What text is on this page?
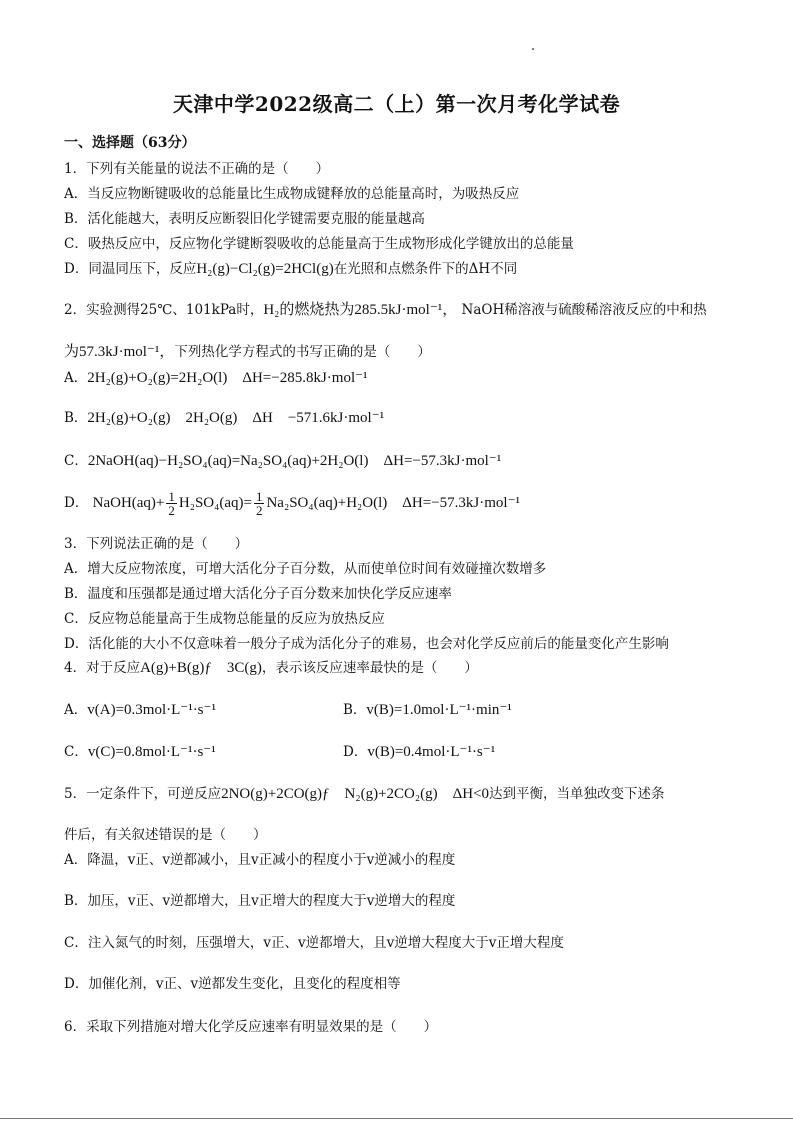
天津中学2022级高二（上）第一次月考化学试卷
一、选择题（63分）
1．下列有关能量的说法不正确的是（　　）
A．当反应物断键吸收的总能量比生成物成键释放的总能量高时，为吸热反应
B．活化能越大，表明反应断裂旧化学键需要克服的能量越高
C．吸热反应中，反应物化学键断裂吸收的总能量高于生成物形成化学键放出的总能量
D．同温同压下，反应H₂(g)−Cl₂(g)=2HCl(g)在光照和点燃条件下的ΔH不同
2．实验测得25℃、101kPa时，H₂的燃烧热为285.5kJ·mol⁻¹， NaOH稀溶液与硫酸稀溶液反应的中和热
为57.3kJ·mol⁻¹，下列热化学方程式的书写正确的是（　　）
A．2H₂(g)+O₂(g)=2H₂O(l)　ΔH=−285.8kJ·mol⁻¹
B．2H₂(g)+O₂(g)　2H₂O(g)　ΔH　−571.6kJ·mol⁻¹
C．2NaOH(aq)−H₂SO₄(aq)=Na₂SO₄(aq)+2H₂O(l)　ΔH=−57.3kJ·mol⁻¹
D． NaOH(aq)+ $\frac{1}{2} H_2SO_4(aq)= \frac{1}{2} Na_2SO_4(aq)+H_2O(l)$　ΔH=−57.3kJ·mol⁻¹
3．下列说法正确的是（　　）
A．增大反应物浓度，可增大活化分子百分数，从而使单位时间有效碰撞次数增多
B．温度和压强都是通过增大活化分子百分数来加快化学反应速率
C．反应物总能量高于生成物总能量的反应为放热反应
D．活化能的大小不仅意味着一般分子成为活化分子的难易，也会对化学反应前后的能量变化产生影响
4．对于反应A(g)+B(g)ƒ　3C(g)，表示该反应速率最快的是（　　）
A．v(A)=0.3mol·L⁻¹·s⁻¹	B．v(B)=1.0mol·L⁻¹·min⁻¹
C．v(C)=0.8mol·L⁻¹·s⁻¹	D．v(B)=0.4mol·L⁻¹·s⁻¹
5．一定条件下，可逆反应2NO(g)+2CO(g)ƒ　N₂(g)+2CO₂(g)　ΔH<0达到平衡，当单独改变下述条
件后，有关叙述错误的是（　　）
A．降温，v正、v逆都减小，且v正减小的程度小于v逆减小的程度
B．加压，v正、v逆都增大，且v正增大的程度大于v逆增大的程度
C．注入氮气的时刻，压强增大，v正、v逆都增大，且v逆增大程度大于v正增大程度
D．加催化剂，v正、v逆都发生变化，且变化的程度相等
6．采取下列措施对增大化学反应速率有明显效果的是（　　）
